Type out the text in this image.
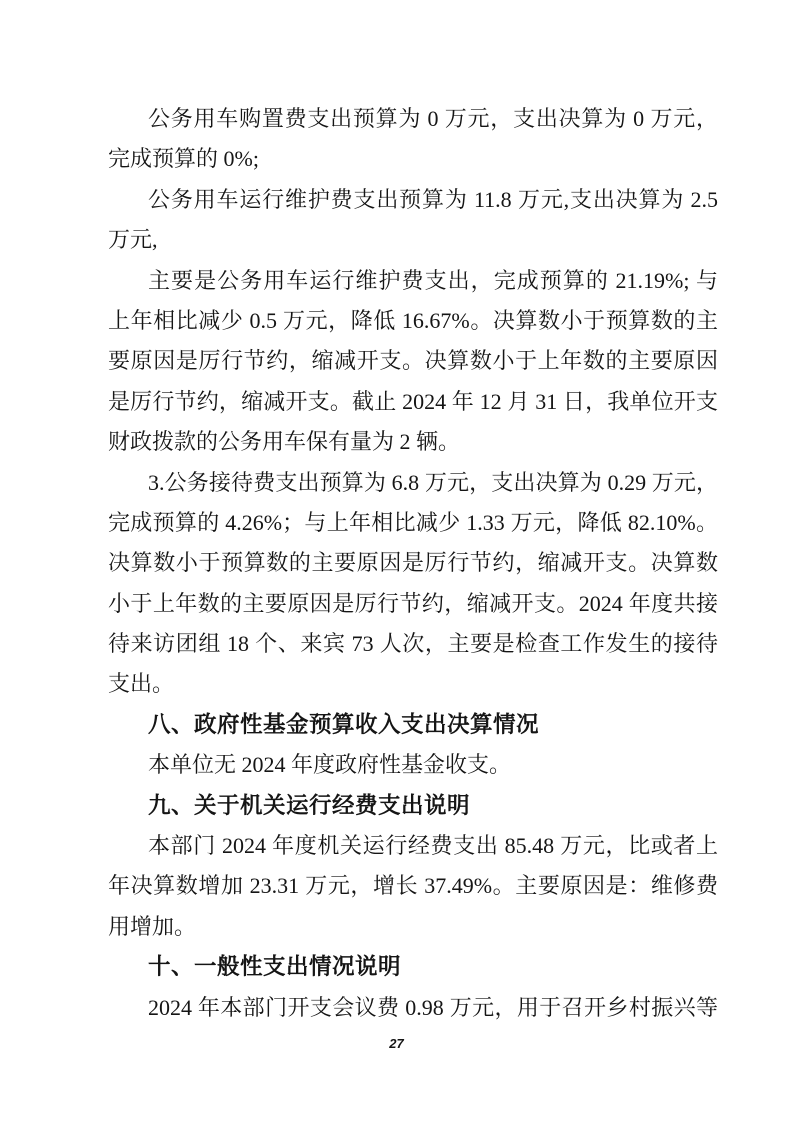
公务用车购置费支出预算为 0 万元，支出决算为 0 万元，
完成预算的 0%;
公务用车运行维护费支出预算为 11.8 万元,支出决算为 2.5
万元,
主要是公务用车运行维护费支出，完成预算的 21.19%; 与
上年相比减少 0.5 万元，降低 16.67%。决算数小于预算数的主
要原因是厉行节约，缩减开支。决算数小于上年数的主要原因
是厉行节约，缩减开支。截止 2024 年 12 月 31 日，我单位开支
财政拨款的公务用车保有量为 2 辆。
3.公务接待费支出预算为 6.8 万元，支出决算为 0.29 万元，
完成预算的 4.26%；与上年相比减少 1.33 万元，降低 82.10%。
决算数小于预算数的主要原因是厉行节约，缩减开支。决算数
小于上年数的主要原因是厉行节约，缩减开支。2024 年度共接
待来访团组 18 个、来宾 73 人次，主要是检查工作发生的接待
支出。
八、政府性基金预算收入支出决算情况
本单位无 2024 年度政府性基金收支。
九、关于机关运行经费支出说明
本部门 2024 年度机关运行经费支出 85.48 万元，比或者上
年决算数增加 23.31 万元，增长 37.49%。主要原因是：维修费
用增加。
十、一般性支出情况说明
2024 年本部门开支会议费 0.98 万元，用于召开乡村振兴等
27
